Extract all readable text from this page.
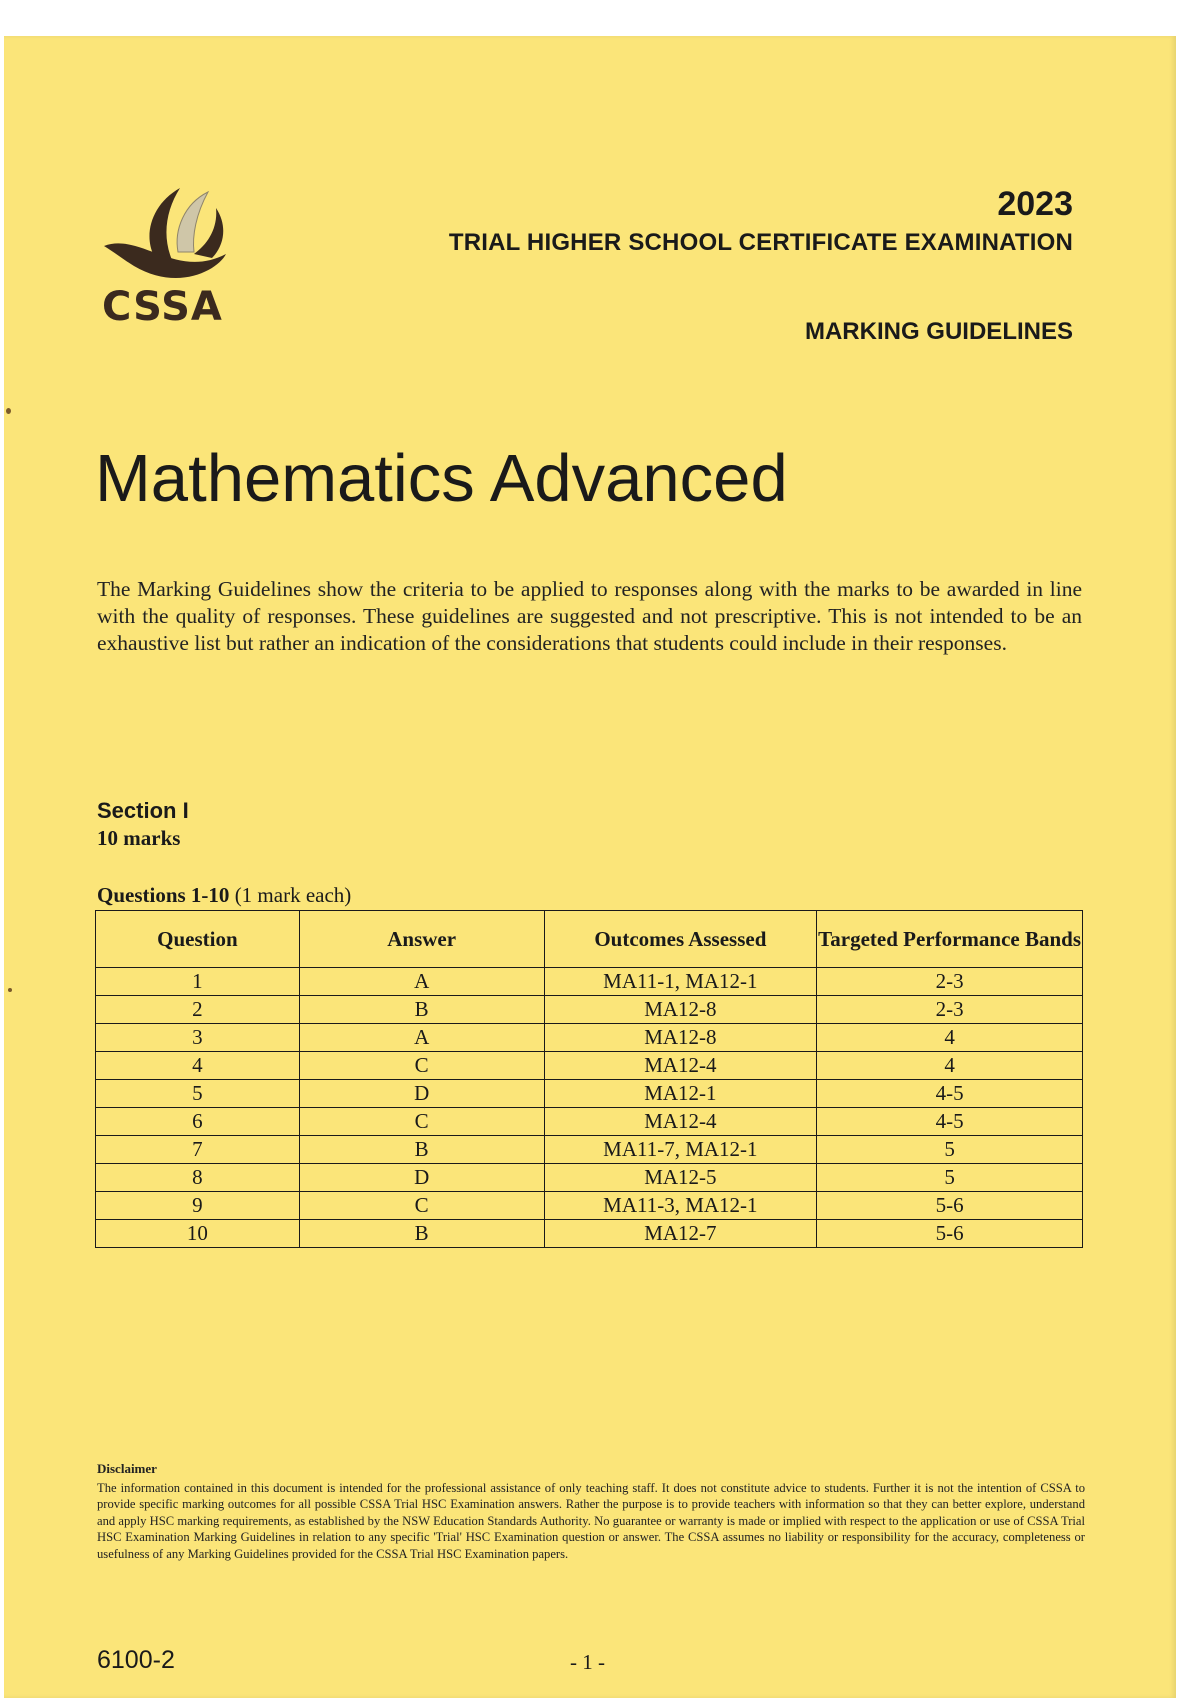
CSSA
2023
TRIAL HIGHER SCHOOL CERTIFICATE EXAMINATION
MARKING GUIDELINES
Mathematics Advanced
The Marking Guidelines show the criteria to be applied to responses along with the marks to be awarded in line with the quality of responses. These guidelines are suggested and not prescriptive. This is not intended to be an exhaustive list but rather an indication of the considerations that students could include in their responses.
Section I
10 marks
Questions 1-10 (1 mark each)
Question	Answer	Outcomes Assessed	Targeted Performance Bands
1	A	MA11-1, MA12-1	2-3
2	B	MA12-8	2-3
3	A	MA12-8	4
4	C	MA12-4	4
5	D	MA12-1	4-5
6	C	MA12-4	4-5
7	B	MA11-7, MA12-1	5
8	D	MA12-5	5
9	C	MA11-3, MA12-1	5-6
10	B	MA12-7	5-6
Disclaimer
The information contained in this document is intended for the professional assistance of only teaching staff. It does not constitute advice to students. Further it is not the intention of CSSA to provide specific marking outcomes for all possible CSSA Trial HSC Examination answers. Rather the purpose is to provide teachers with information so that they can better explore, understand and apply HSC marking requirements, as established by the NSW Education Standards Authority. No guarantee or warranty is made or implied with respect to the application or use of CSSA Trial HSC Examination Marking Guidelines in relation to any specific 'Trial' HSC Examination question or answer. The CSSA assumes no liability or responsibility for the accuracy, completeness or usefulness of any Marking Guidelines provided for the CSSA Trial HSC Examination papers.
6100-2	- 1 -
